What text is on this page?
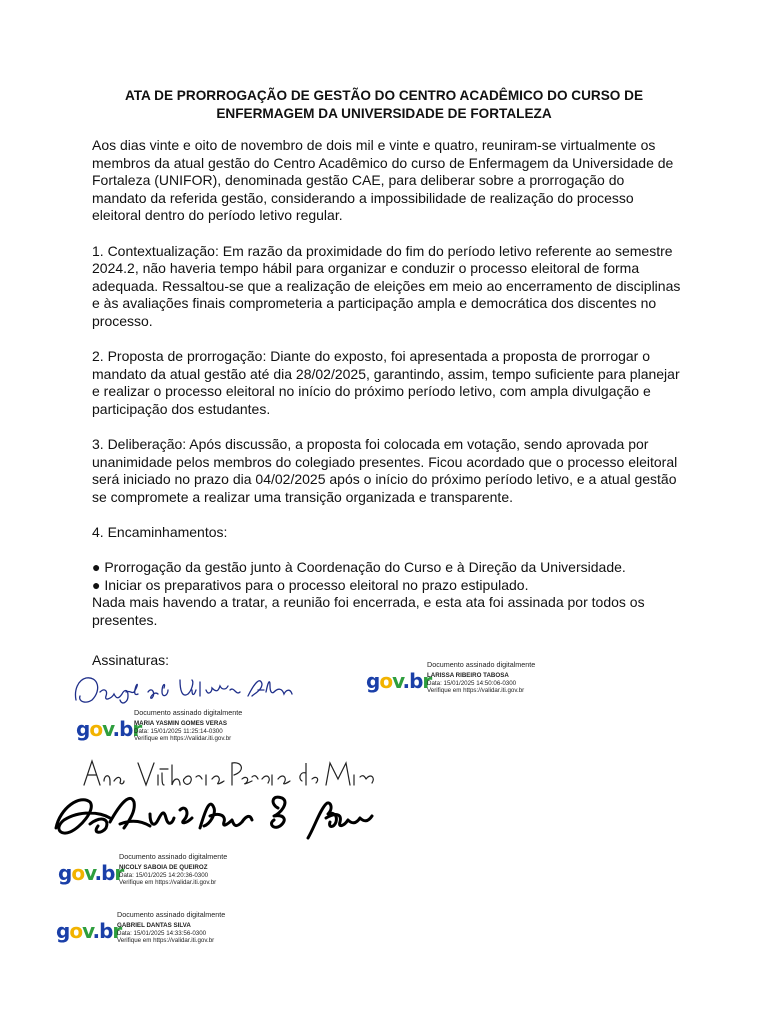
ATA DE PRORROGAÇÃO DE GESTÃO DO CENTRO ACADÊMICO DO CURSO DE ENFERMAGEM DA UNIVERSIDADE DE FORTALEZA

Aos dias vinte e oito de novembro de dois mil e vinte e quatro, reuniram-se virtualmente os membros da atual gestão do Centro Acadêmico do curso de Enfermagem da Universidade de Fortaleza (UNIFOR), denominada gestão CAE, para deliberar sobre a prorrogação do mandato da referida gestão, considerando a impossibilidade de realização do processo eleitoral dentro do período letivo regular.

1. Contextualização: Em razão da proximidade do fim do período letivo referente ao semestre 2024.2, não haveria tempo hábil para organizar e conduzir o processo eleitoral de forma adequada. Ressaltou-se que a realização de eleições em meio ao encerramento de disciplinas e às avaliações finais comprometeria a participação ampla e democrática dos discentes no processo.

2. Proposta de prorrogação: Diante do exposto, foi apresentada a proposta de prorrogar o mandato da atual gestão até dia 28/02/2025, garantindo, assim, tempo suficiente para planejar e realizar o processo eleitoral no início do próximo período letivo, com ampla divulgação e participação dos estudantes.

3. Deliberação: Após discussão, a proposta foi colocada em votação, sendo aprovada por unanimidade pelos membros do colegiado presentes. Ficou acordado que o processo eleitoral será iniciado no prazo dia 04/02/2025 após o início do próximo período letivo, e a atual gestão se compromete a realizar uma transição organizada e transparente.

4. Encaminhamentos:

● Prorrogação da gestão junto à Coordenação do Curso e à Direção da Universidade.

● Iniciar os preparativos para o processo eleitoral no prazo estipulado.

Nada mais havendo a tratar, a reunião foi encerrada, e esta ata foi assinada por todos os presentes.

Assinaturas:
gov.br
Documento assinado digitalmente
LARISSA RIBEIRO TABOSA
Data: 15/01/2025 14:50:06-0300
Verifique em https://validar.iti.gov.br
gov.br
Documento assinado digitalmente
MARIA YASMIN GOMES VERAS
Data: 15/01/2025 11:25:14-0300
Verifique em https://validar.iti.gov.br
gov.br
Documento assinado digitalmente
NICOLY SABOIA DE QUEIROZ
Data: 15/01/2025 14:20:36-0300
Verifique em https://validar.iti.gov.br
gov.br
Documento assinado digitalmente
GABRIEL DANTAS SILVA
Data: 15/01/2025 14:33:56-0300
Verifique em https://validar.iti.gov.br
